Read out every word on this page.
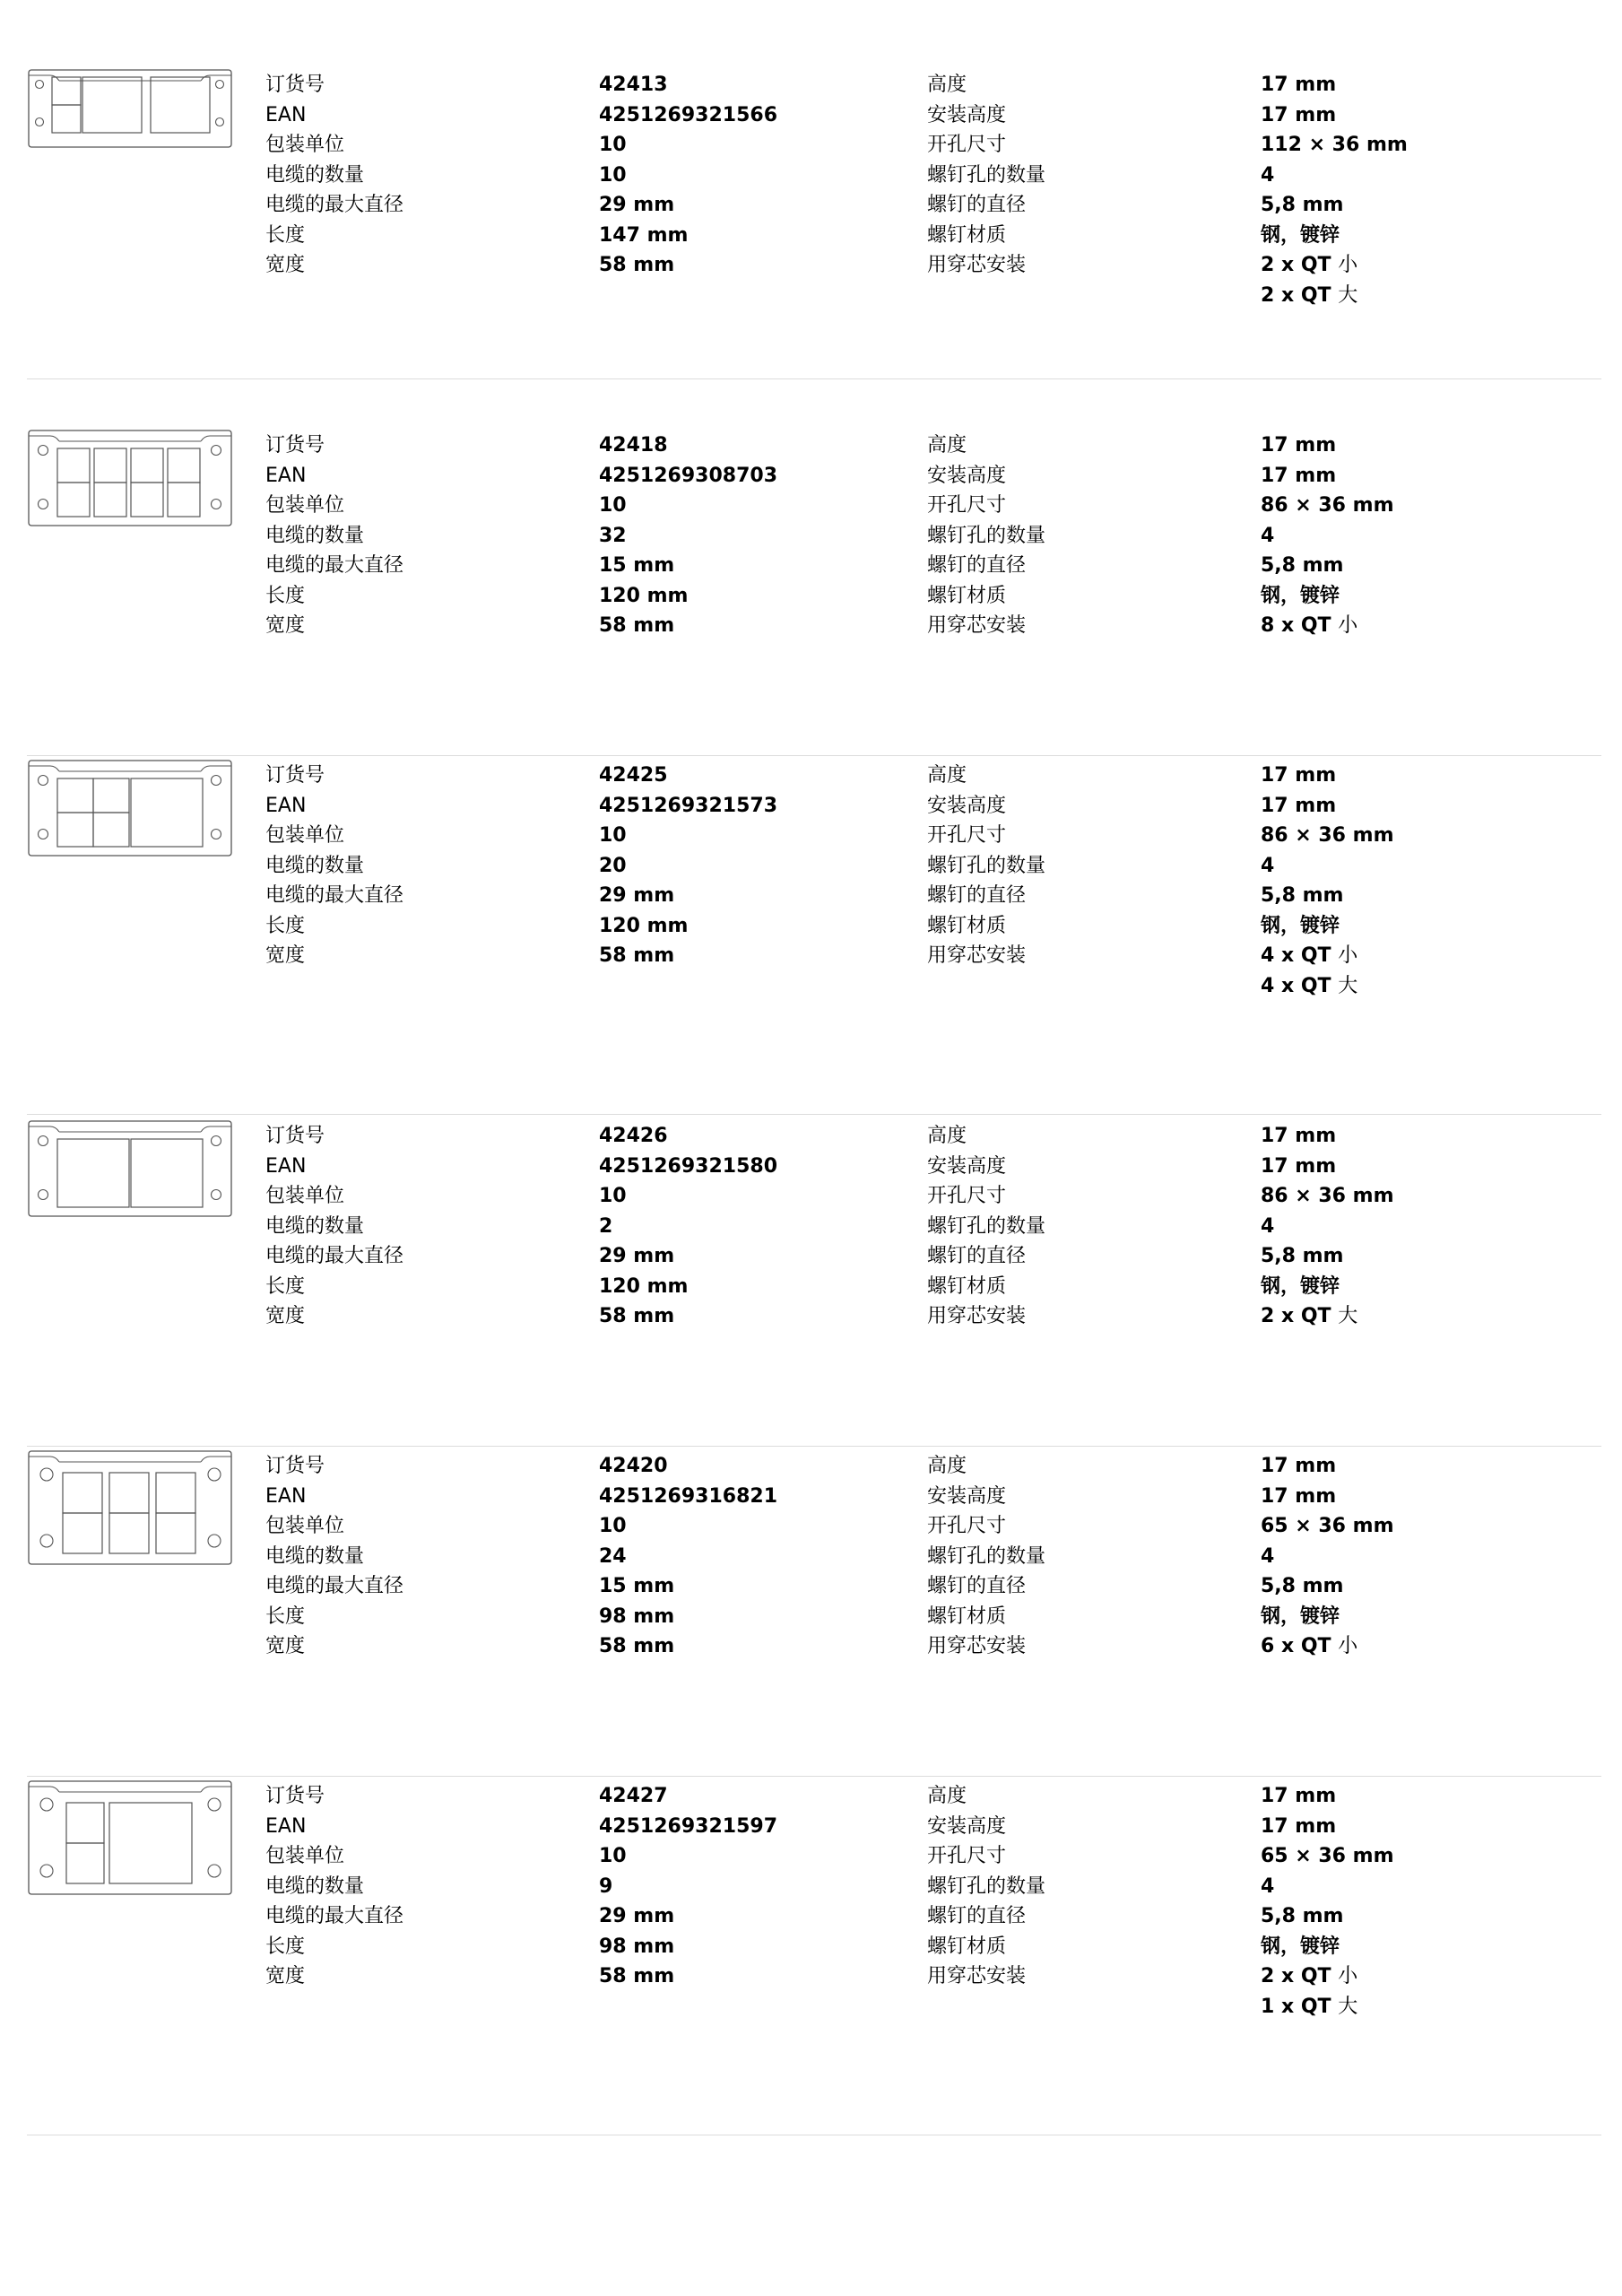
订货号
EAN
包装单位
电缆的数量
电缆的最大直径
长度
宽度
42413
4251269321566
10
10
29 mm
147 mm
58 mm
高度
安装高度
开孔尺寸
螺钉孔的数量
螺钉的直径
螺钉材质
用穿芯安装
17 mm
17 mm
112 × 36 mm
4
5,8 mm
钢，镀锌
2 x QT 小
2 x QT 大
订货号
EAN
包装单位
电缆的数量
电缆的最大直径
长度
宽度
42418
4251269308703
10
32
15 mm
120 mm
58 mm
高度
安装高度
开孔尺寸
螺钉孔的数量
螺钉的直径
螺钉材质
用穿芯安装
17 mm
17 mm
86 × 36 mm
4
5,8 mm
钢，镀锌
8 x QT 小
订货号
EAN
包装单位
电缆的数量
电缆的最大直径
长度
宽度
42425
4251269321573
10
20
29 mm
120 mm
58 mm
高度
安装高度
开孔尺寸
螺钉孔的数量
螺钉的直径
螺钉材质
用穿芯安装
17 mm
17 mm
86 × 36 mm
4
5,8 mm
钢，镀锌
4 x QT 小
4 x QT 大
订货号
EAN
包装单位
电缆的数量
电缆的最大直径
长度
宽度
42426
4251269321580
10
2
29 mm
120 mm
58 mm
高度
安装高度
开孔尺寸
螺钉孔的数量
螺钉的直径
螺钉材质
用穿芯安装
17 mm
17 mm
86 × 36 mm
4
5,8 mm
钢，镀锌
2 x QT 大
订货号
EAN
包装单位
电缆的数量
电缆的最大直径
长度
宽度
42420
4251269316821
10
24
15 mm
98 mm
58 mm
高度
安装高度
开孔尺寸
螺钉孔的数量
螺钉的直径
螺钉材质
用穿芯安装
17 mm
17 mm
65 × 36 mm
4
5,8 mm
钢，镀锌
6 x QT 小
订货号
EAN
包装单位
电缆的数量
电缆的最大直径
长度
宽度
42427
4251269321597
10
9
29 mm
98 mm
58 mm
高度
安装高度
开孔尺寸
螺钉孔的数量
螺钉的直径
螺钉材质
用穿芯安装
17 mm
17 mm
65 × 36 mm
4
5,8 mm
钢，镀锌
2 x QT 小
1 x QT 大
